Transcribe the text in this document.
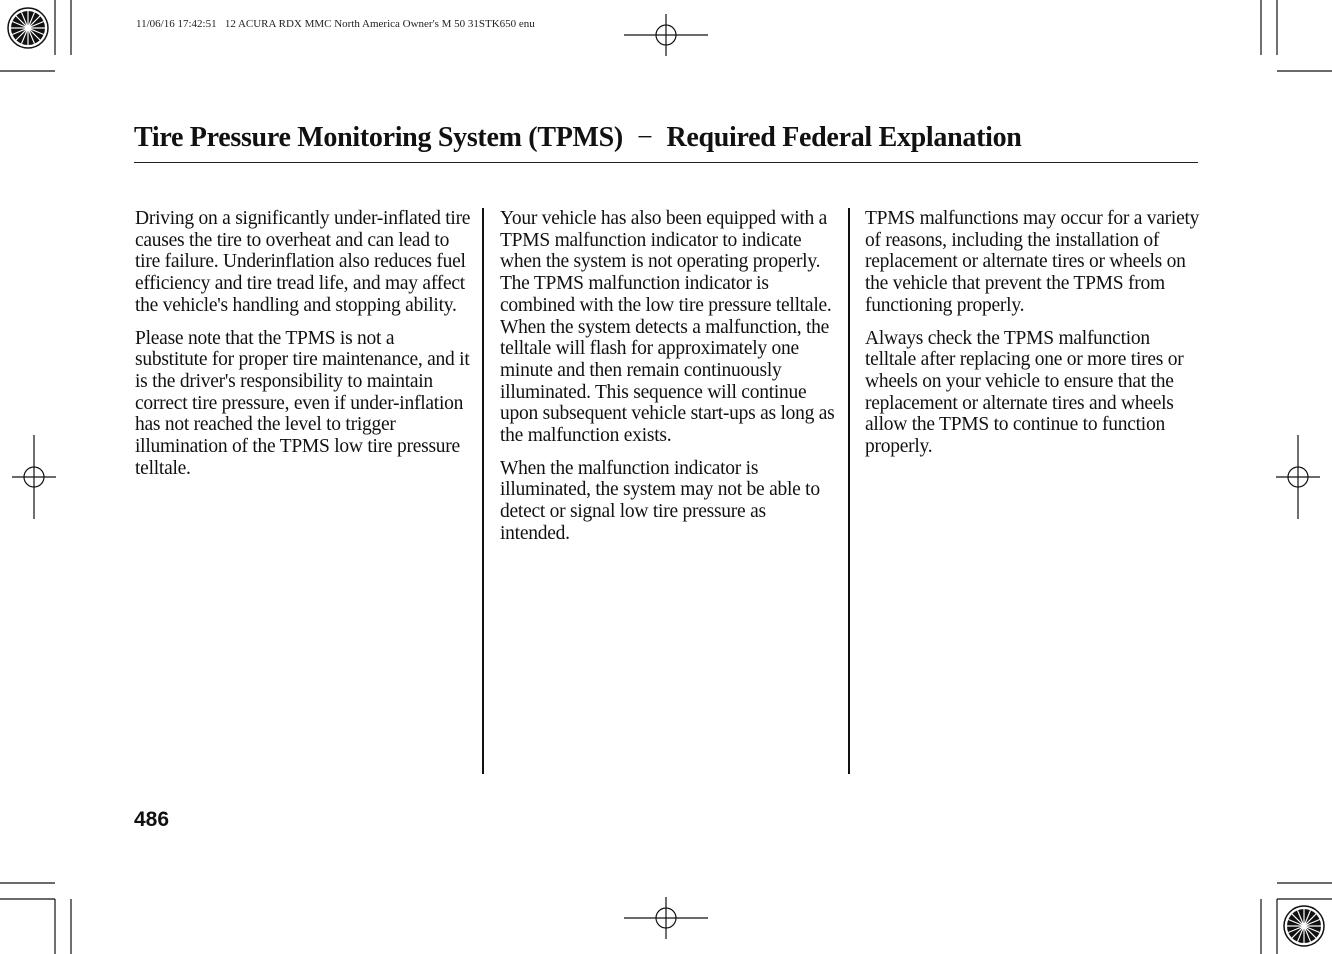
11/06/16 17:42:51   12 ACURA RDX MMC North America Owner's M 50 31STK650 enu
Tire Pressure Monitoring System (TPMS) − Required Federal Explanation

Driving on a significantly under-inflated tire causes the tire to overheat and can lead to tire failure. Underinflation also reduces fuel efficiency and tire tread life, and may affect the vehicle's handling and stopping ability.

Please note that the TPMS is not a substitute for proper tire maintenance, and it is the driver's responsibility to maintain correct tire pressure, even if under-inflation has not reached the level to trigger illumination of the TPMS low tire pressure telltale.

Your vehicle has also been equipped with a TPMS malfunction indicator to indicate when the system is not operating properly. The TPMS malfunction indicator is combined with the low tire pressure telltale. When the system detects a malfunction, the telltale will flash for approximately one minute and then remain continuously illuminated. This sequence will continue upon subsequent vehicle start-ups as long as the malfunction exists.

When the malfunction indicator is illuminated, the system may not be able to detect or signal low tire pressure as intended.

TPMS malfunctions may occur for a variety of reasons, including the installation of replacement or alternate tires or wheels on the vehicle that prevent the TPMS from functioning properly.

Always check the TPMS malfunction telltale after replacing one or more tires or wheels on your vehicle to ensure that the replacement or alternate tires and wheels allow the TPMS to continue to function properly.

486
